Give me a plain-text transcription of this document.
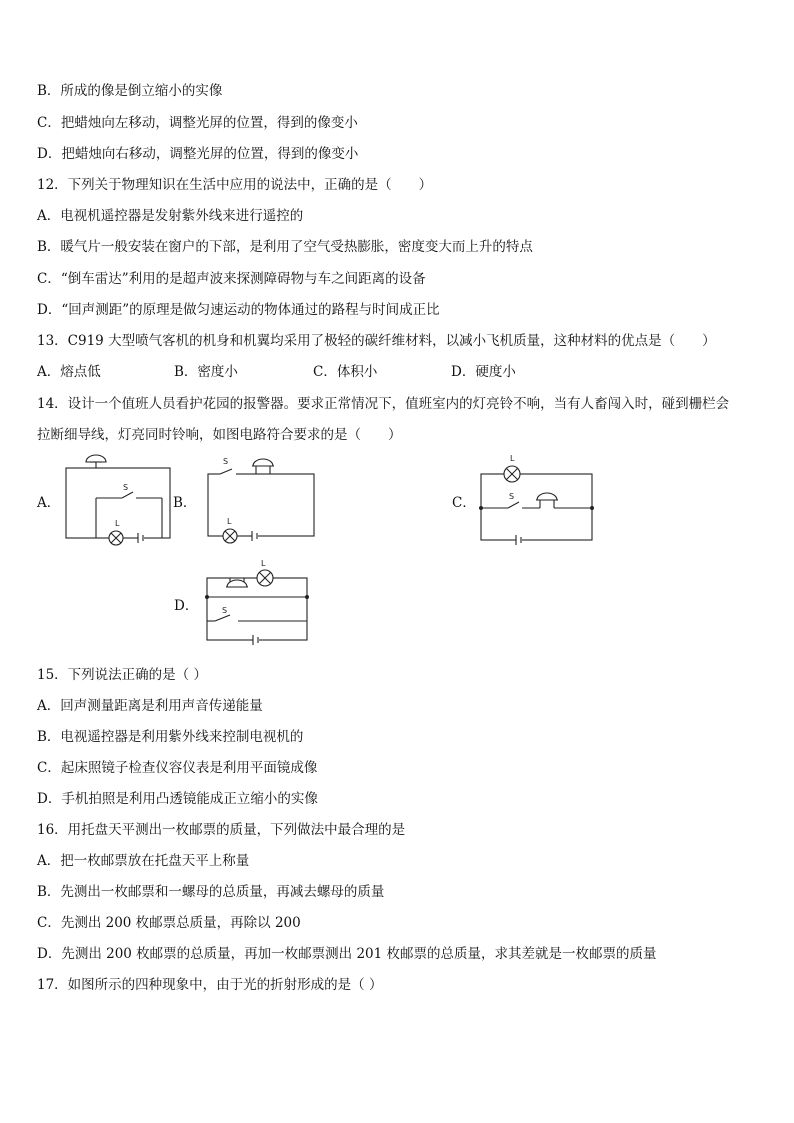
B．所成的像是倒立缩小的实像
C．把蜡烛向左移动，调整光屏的位置，得到的像变小
D．把蜡烛向右移动，调整光屏的位置，得到的像变小
12．下列关于物理知识在生活中应用的说法中，正确的是（　　）
A．电视机遥控器是发射紫外线来进行遥控的
B．暖气片一般安装在窗户的下部，是利用了空气受热膨胀，密度变大而上升的特点
C．“倒车雷达”利用的是超声波来探测障碍物与车之间距离的设备
D．“回声测距”的原理是做匀速运动的物体通过的路程与时间成正比
13．C919 大型喷气客机的机身和机翼均采用了极轻的碳纤维材料，以减小飞机质量，这种材料的优点是（　　）
A．熔点低	B．密度小	C．体积小	D．硬度小
14．设计一个值班人员看护花园的报警器。要求正常情况下，值班室内的灯亮铃不响，当有人畜闯入时，碰到栅栏会
拉断细导线，灯亮同时铃响，如图电路符合要求的是（　　）
A．
S
L
B．
S
L
C．
L
S
D．
L
S
15．下列说法正确的是（ ）
A．回声测量距离是利用声音传递能量
B．电视遥控器是利用紫外线来控制电视机的
C．起床照镜子检查仪容仪表是利用平面镜成像
D．手机拍照是利用凸透镜能成正立缩小的实像
16．用托盘天平测出一枚邮票的质量，下列做法中最合理的是
A．把一枚邮票放在托盘天平上称量
B．先测出一枚邮票和一螺母的总质量，再减去螺母的质量
C．先测出 200 枚邮票总质量，再除以 200
D．先测出 200 枚邮票的总质量，再加一枚邮票测出 201 枚邮票的总质量，求其差就是一枚邮票的质量
17．如图所示的四种现象中，由于光的折射形成的是（ ）
